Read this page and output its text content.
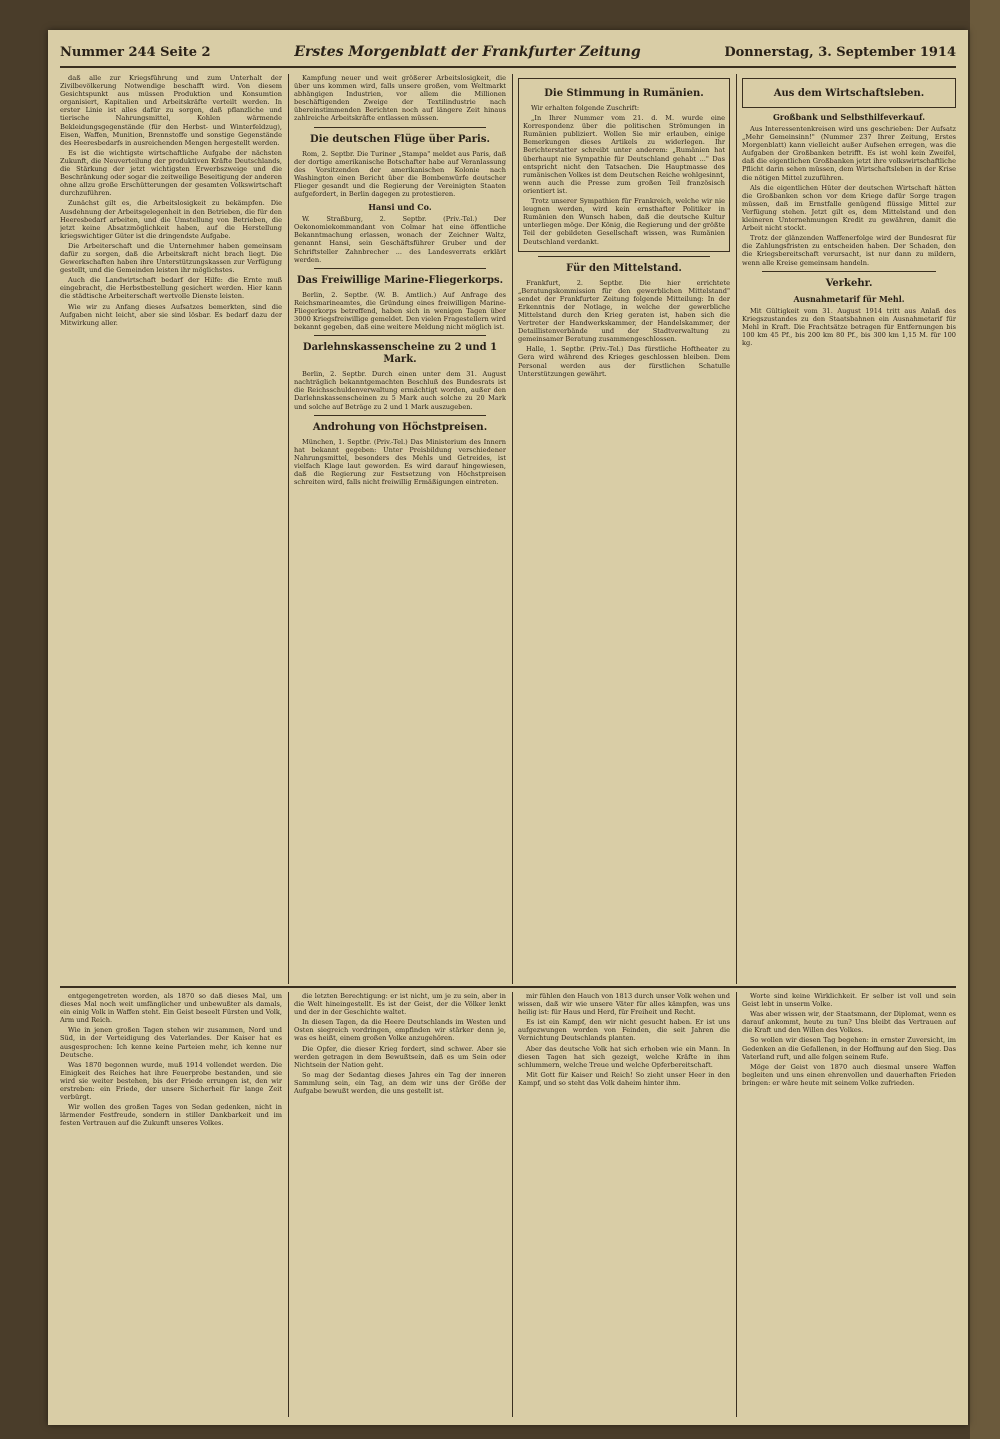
Nummer 244 Seite 2	Erstes Morgenblatt der Frankfurter Zeitung	Donnerstag, 3. September 1914

daß alle zur Kriegsführung und zum Unterhalt der Zivilbevölkerung Notwendige beschafft wird. Von diesem Gesichtspunkt aus müssen Produktion und Konsumtion organisiert, Kapitalien und Arbeitskräfte verteilt werden. In erster Linie ist alles dafür zu sorgen, daß pflanzliche und tierische Nahrungsmittel, Kohlen wärmende Bekleidungsgegenstände (für den Herbst- und Winterfeldzug), Eisen, Waffen, Munition, Brennstoffe und sonstige Gegenstände des Heeresbedarfs in ausreichenden Mengen hergestellt werden.

Es ist die wichtigste wirtschaftliche Aufgabe der nächsten Zukunft, die Neuverteilung der produktiven Kräfte Deutschlands, die Stärkung der jetzt wichtigsten Erwerbszweige und die Beschränkung oder sogar die zeitweilige Beseitigung der anderen ohne allzu große Erschütterungen der gesamten Volkswirtschaft durchzuführen.

Zunächst gilt es, die Arbeitslosigkeit zu bekämpfen. Die Ausdehnung der Arbeitsgelegenheit in den Betrieben, die für den Heeresbedarf arbeiten, und die Umstellung von Betrieben, die jetzt keine Absatzmöglichkeit haben, auf die Herstellung kriegswichtiger Güter ist die dringendste Aufgabe.

Die Arbeiterschaft und die Unternehmer haben gemeinsam dafür zu sorgen, daß die Arbeitskraft nicht brach liegt. Die Gewerkschaften haben ihre Unterstützungskassen zur Verfügung gestellt, und die Gemeinden leisten ihr möglichstes.

Auch die Landwirtschaft bedarf der Hilfe: die Ernte muß eingebracht, die Herbstbestellung gesichert werden. Hier kann die städtische Arbeiterschaft wertvolle Dienste leisten.

Wie wir zu Anfang dieses Aufsatzes bemerkten, sind die Aufgaben nicht leicht, aber sie sind lösbar. Es bedarf dazu der Mitwirkung aller.

Kampfung neuer und weit größerer Arbeitslosigkeit, die über uns kommen wird, falls unsere großen, vom Weltmarkt abhängigen Industrien, vor allem die Millionen beschäftigenden Zweige der Textilindustrie nach übereinstimmenden Berichten noch auf längere Zeit hinaus zahlreiche Arbeitskräfte entlassen müssen.

Die deutschen Flüge über Paris.

Rom, 2. Septbr. Die Turiner „Stampa" meldet aus Paris, daß der dortige amerikanische Botschafter habe auf Veranlassung des Vorsitzenden der amerikanischen Kolonie nach Washington einen Bericht über die Bombenwürfe deutscher Flieger gesandt und die Regierung der Vereinigten Staaten aufgefordert, in Berlin dagegen zu protestieren.

Hansi und Co.

W. Straßburg, 2. Septbr. (Priv.-Tel.) Der Oekonomiekommandant von Colmar hat eine öffentliche Bekanntmachung erlassen, wonach der Zeichner Waltz, genannt Hansi, sein Geschäftsführer Gruber und der Schriftsteller Zahnbrecher ... des Landesverrats erklärt werden.

Das Freiwillige Marine-Fliegerkorps.

Berlin, 2. Septbr. (W. B. Amtlich.) Auf Anfrage des Reichsmarineamtes, die Gründung eines freiwilligen Marine-Fliegerkorps betreffend, haben sich in wenigen Tagen über 3000 Kriegsfreiwillige gemeldet. Den vielen Fragestellern wird bekannt gegeben, daß eine weitere Meldung nicht möglich ist.

Darlehnskassenscheine zu 2 und 1 Mark.

Berlin, 2. Septbr. Durch einen unter dem 31. August nachträglich bekanntgemachten Beschluß des Bundesrats ist die Reichsschuldenverwaltung ermächtigt worden, außer den Darlehnskassenscheinen zu 5 Mark auch solche zu 20 Mark und solche auf Beträge zu 2 und 1 Mark auszugeben.

Androhung von Höchstpreisen.

München, 1. Septbr. (Priv.-Tel.) Das Ministerium des Innern hat bekannt gegeben: Unter Preisbildung verschiedener Nahrungsmittel, besonders des Mehls und Getreides, ist vielfach Klage laut geworden. Es wird darauf hingewiesen, daß die Regierung zur Festsetzung von Höchstpreisen schreiten wird, falls nicht freiwillig Ermäßigungen eintreten.

Die Stimmung in Rumänien.

Wir erhalten folgende Zuschrift:

„In Ihrer Nummer vom 21. d. M. wurde eine Korrespondenz über die politischen Strömungen in Rumänien publiziert. Wollen Sie mir erlauben, einige Bemerkungen dieses Artikels zu widerlegen. Ihr Berichterstatter schreibt unter anderem: „Rumänien hat überhaupt nie Sympathie für Deutschland gehabt ..." Das entspricht nicht den Tatsachen. Die Hauptmasse des rumänischen Volkes ist dem Deutschen Reiche wohlgesinnt, wenn auch die Presse zum großen Teil französisch orientiert ist.

Trotz unserer Sympathien für Frankreich, welche wir nie leugnen werden, wird kein ernsthafter Politiker in Rumänien den Wunsch haben, daß die deutsche Kultur unterliegen möge. Der König, die Regierung und der größte Teil der gebildeten Gesellschaft wissen, was Rumänien Deutschland verdankt.

Für den Mittelstand.

Frankfurt, 2. Septbr. Die hier errichtete „Beratungskommission für den gewerblichen Mittelstand" sendet der Frankfurter Zeitung folgende Mitteilung: In der Erkenntnis der Notlage, in welche der gewerbliche Mittelstand durch den Krieg geraten ist, haben sich die Vertreter der Handwerkskammer, der Handelskammer, der Detaillistenverbände und der Stadtverwaltung zu gemeinsamer Beratung zusammengeschlossen.

Halle, 1. Septbr. (Priv.-Tel.) Das fürstliche Hoftheater zu Gera wird während des Krieges geschlossen bleiben. Dem Personal werden aus der fürstlichen Schatulle Unterstützungen gewährt.

Aus dem Wirtschaftsleben.
Großbank und Selbsthilfeverkauf.

Aus Interessentenkreisen wird uns geschrieben: Der Aufsatz „Mehr Gemeinsinn!" (Nummer 237 Ihrer Zeitung, Erstes Morgenblatt) kann vielleicht außer Aufsehen erregen, was die Aufgaben der Großbanken betrifft. Es ist wohl kein Zweifel, daß die eigentlichen Großbanken jetzt ihre volkswirtschaftliche Pflicht darin sehen müssen, dem Wirtschaftsleben in der Krise die nötigen Mittel zuzuführen.

Als die eigentlichen Hüter der deutschen Wirtschaft hätten die Großbanken schon vor dem Kriege dafür Sorge tragen müssen, daß im Ernstfalle genügend flüssige Mittel zur Verfügung stehen. Jetzt gilt es, dem Mittelstand und den kleineren Unternehmungen Kredit zu gewähren, damit die Arbeit nicht stockt.

Trotz der glänzenden Waffenerfolge wird der Bundesrat für die Zahlungsfristen zu entscheiden haben. Der Schaden, den die Kriegsbereitschaft verursacht, ist nur dann zu mildern, wenn alle Kreise gemeinsam handeln.

Verkehr.
Ausnahmetarif für Mehl.

Mit Gültigkeit vom 31. August 1914 tritt aus Anlaß des Kriegszustandes zu den Staatsbahnen ein Ausnahmetarif für Mehl in Kraft. Die Frachtsätze betragen für Entfernungen bis 100 km 45 Pf., bis 200 km 80 Pf., bis 300 km 1,15 M. für 100 kg.

entgegengetreten worden, als 1870 so daß dieses Mal, um dieses Mal noch weit umfänglicher und unbewußter als damals, ein einig Volk in Waffen steht. Ein Geist beseelt Fürsten und Volk, Arm und Reich.

Wie in jenen großen Tagen stehen wir zusammen, Nord und Süd, in der Verteidigung des Vaterlandes. Der Kaiser hat es ausgesprochen: Ich kenne keine Parteien mehr, ich kenne nur Deutsche.

Was 1870 begonnen wurde, muß 1914 vollendet werden. Die Einigkeit des Reiches hat ihre Feuerprobe bestanden, und sie wird sie weiter bestehen, bis der Friede errungen ist, den wir erstreben: ein Friede, der unsere Sicherheit für lange Zeit verbürgt.

Wir wollen des großen Tages von Sedan gedenken, nicht in lärmender Festfreude, sondern in stiller Dankbarkeit und im festen Vertrauen auf die Zukunft unseres Volkes.

die letzten Berechtigung: er ist nicht, um je zu sein, aber in die Welt hineingestellt. Es ist der Geist, der die Völker lenkt und der in der Geschichte waltet.

In diesen Tagen, da die Heere Deutschlands im Westen und Osten siegreich vordringen, empfinden wir stärker denn je, was es heißt, einem großen Volke anzugehören.

Die Opfer, die dieser Krieg fordert, sind schwer. Aber sie werden getragen in dem Bewußtsein, daß es um Sein oder Nichtsein der Nation geht.

So mag der Sedantag dieses Jahres ein Tag der inneren Sammlung sein, ein Tag, an dem wir uns der Größe der Aufgabe bewußt werden, die uns gestellt ist.

mir fühlen den Hauch von 1813 durch unser Volk wehen und wissen, daß wir wie unsere Väter für alles kämpfen, was uns heilig ist: für Haus und Herd, für Freiheit und Recht.

Es ist ein Kampf, den wir nicht gesucht haben. Er ist uns aufgezwungen worden von Feinden, die seit Jahren die Vernichtung Deutschlands planten.

Aber das deutsche Volk hat sich erhoben wie ein Mann. In diesen Tagen hat sich gezeigt, welche Kräfte in ihm schlummern, welche Treue und welche Opferbereitschaft.

Mit Gott für Kaiser und Reich! So zieht unser Heer in den Kampf, und so steht das Volk daheim hinter ihm.

Worte sind keine Wirklichkeit. Er selber ist voll und sein Geist lebt in unserm Volke.

Was aber wissen wir, der Staatsmann, der Diplomat, wenn es darauf ankommt, heute zu tun? Uns bleibt das Vertrauen auf die Kraft und den Willen des Volkes.

So wollen wir diesen Tag begehen: in ernster Zuversicht, im Gedenken an die Gefallenen, in der Hoffnung auf den Sieg. Das Vaterland ruft, und alle folgen seinem Rufe.

Möge der Geist von 1870 auch diesmal unsere Waffen begleiten und uns einen ehrenvollen und dauerhaften Frieden bringen: er wäre heute mit seinem Volke zufrieden.
